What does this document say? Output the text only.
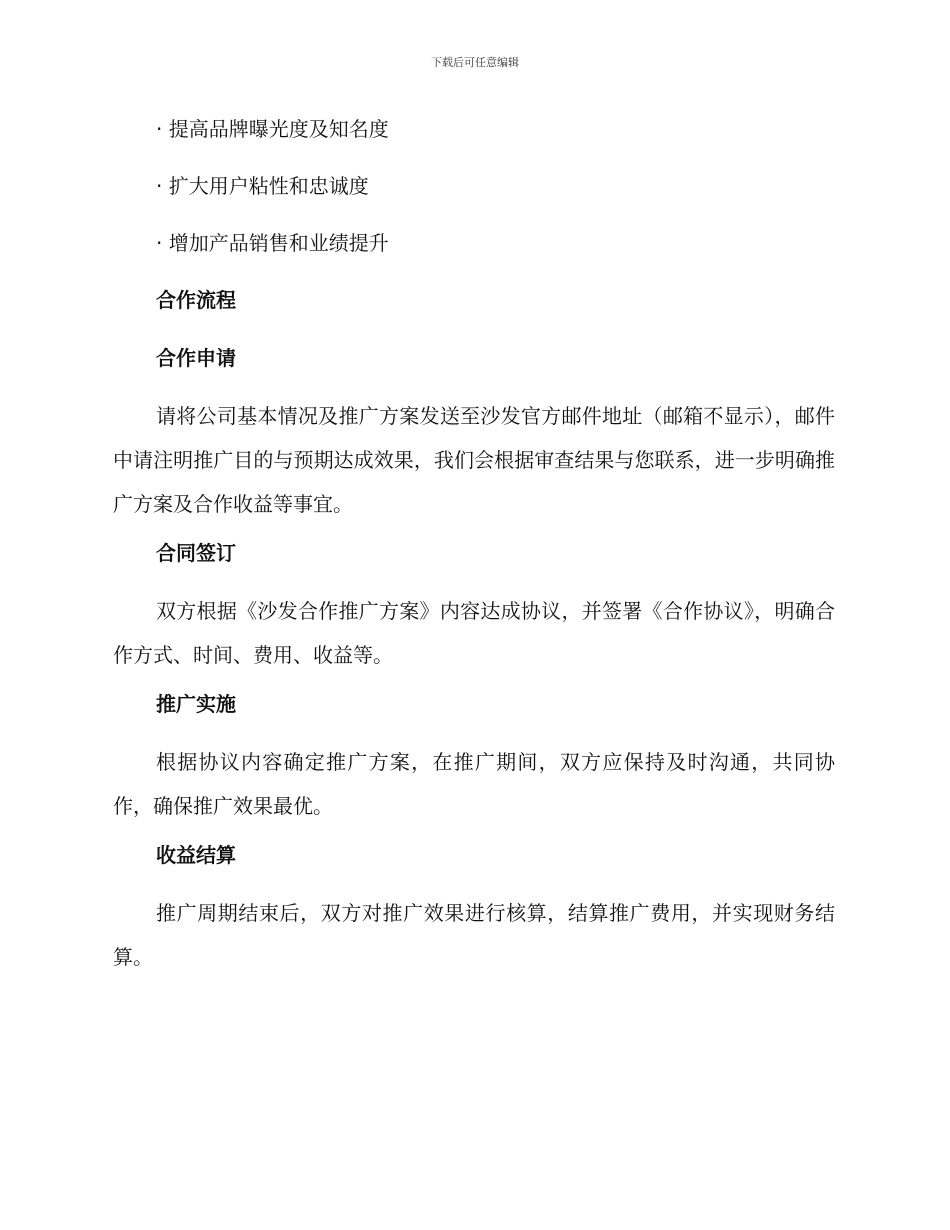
下载后可任意编辑

· 提高品牌曝光度及知名度

· 扩大用户粘性和忠诚度

· 增加产品销售和业绩提升

合作流程

合作申请

请将公司基本情况及推广方案发送至沙发官方邮件地址（邮箱不显示），邮件中请注明推广目的与预期达成效果，我们会根据审查结果与您联系，进一步明确推广方案及合作收益等事宜。

合同签订

双方根据《沙发合作推广方案》内容达成协议，并签署《合作协议》，明确合作方式、时间、费用、收益等。

推广实施

根据协议内容确定推广方案，在推广期间，双方应保持及时沟通，共同协作，确保推广效果最优。

收益结算

推广周期结束后，双方对推广效果进行核算，结算推广费用，并实现财务结算。
